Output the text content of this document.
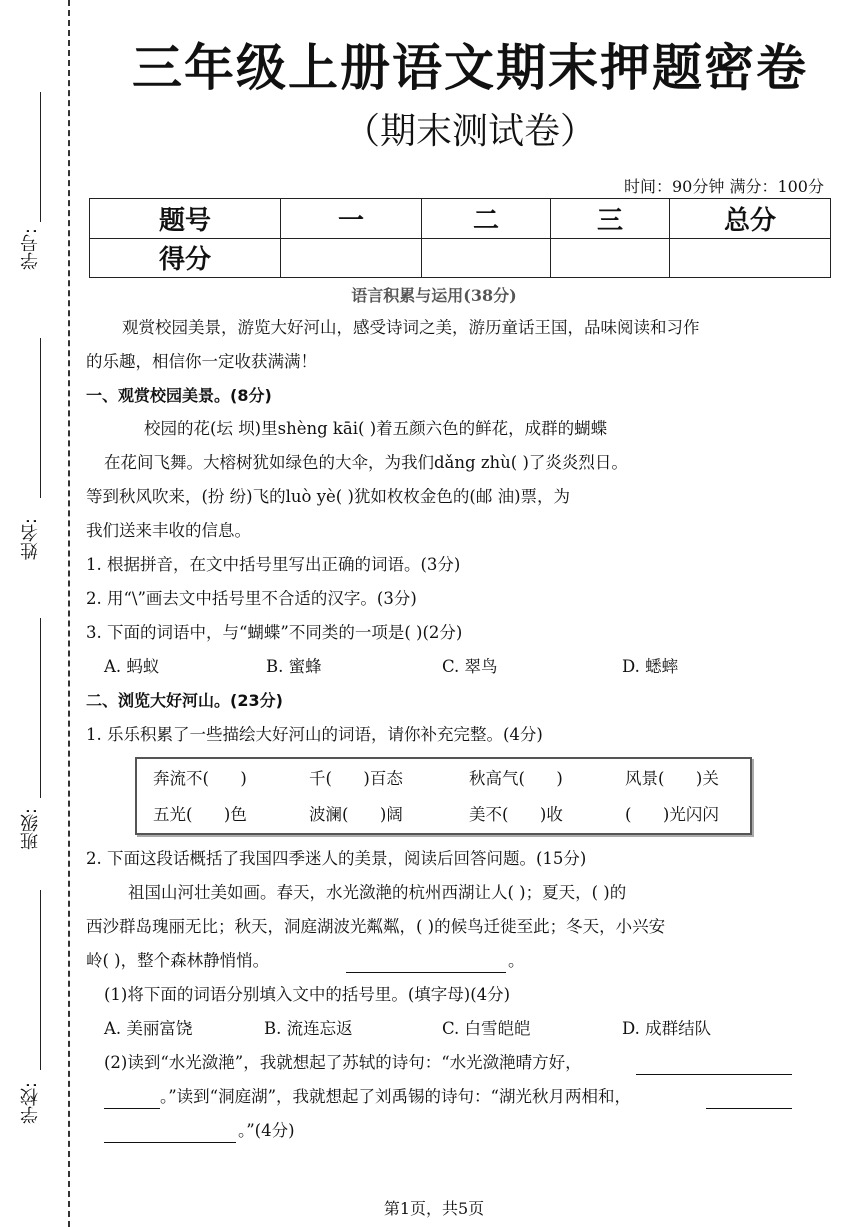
学号:
姓名:
班级:
学校:
三年级上册语文期末押题密卷
（期末测试卷）
时间：90分钟 满分：100分
题号	一	二	三	总分
得分				
语言积累与运用(38分)
观赏校园美景，游览大好河山，感受诗词之美，游历童话王国，品味阅读和习作
的乐趣，相信你一定收获满满！
一、观赏校园美景。(8分)
校园的花(坛 坝)里shèng kāi( )着五颜六色的鲜花，成群的蝴蝶
在花间飞舞。大榕树犹如绿色的大伞，为我们dǎng zhù( )了炎炎烈日。
等到秋风吹来，(扮 纷)飞的luò yè( )犹如枚枚金色的(邮 油)票，为
我们送来丰收的信息。
1. 根据拼音，在文中括号里写出正确的词语。(3分)
2. 用“\”画去文中括号里不合适的汉字。(3分)
3. 下面的词语中，与“蝴蝶”不同类的一项是( )(2分)
A. 蚂蚁	B. 蜜蜂	C. 翠鸟	D. 蟋蟀
二、浏览大好河山。(23分)
1. 乐乐积累了一些描绘大好河山的词语，请你补充完整。(4分)
奔流不(      )	千(      )百态	秋高气(      )	风景(      )关
五光(      )色	波澜(      )阔	美不(      )收	(      )光闪闪
2. 下面这段话概括了我国四季迷人的美景，阅读后回答问题。(15分)
祖国山河壮美如画。春天，水光潋滟的杭州西湖让人( )；夏天，( )的
西沙群岛瑰丽无比；秋天，洞庭湖波光粼粼，( )的候鸟迁徙至此；冬天，小兴安
岭( )，整个森林静悄悄。	。
(1)将下面的词语分别填入文中的括号里。(填字母)(4分)
A. 美丽富饶	B. 流连忘返	C. 白雪皑皑	D. 成群结队
(2)读到“水光潋滟”，我就想起了苏轼的诗句：“水光潋滟晴方好，
。”读到“洞庭湖”，我就想起了刘禹锡的诗句：“湖光秋月两相和，
。”(4分)
第1页，共5页
